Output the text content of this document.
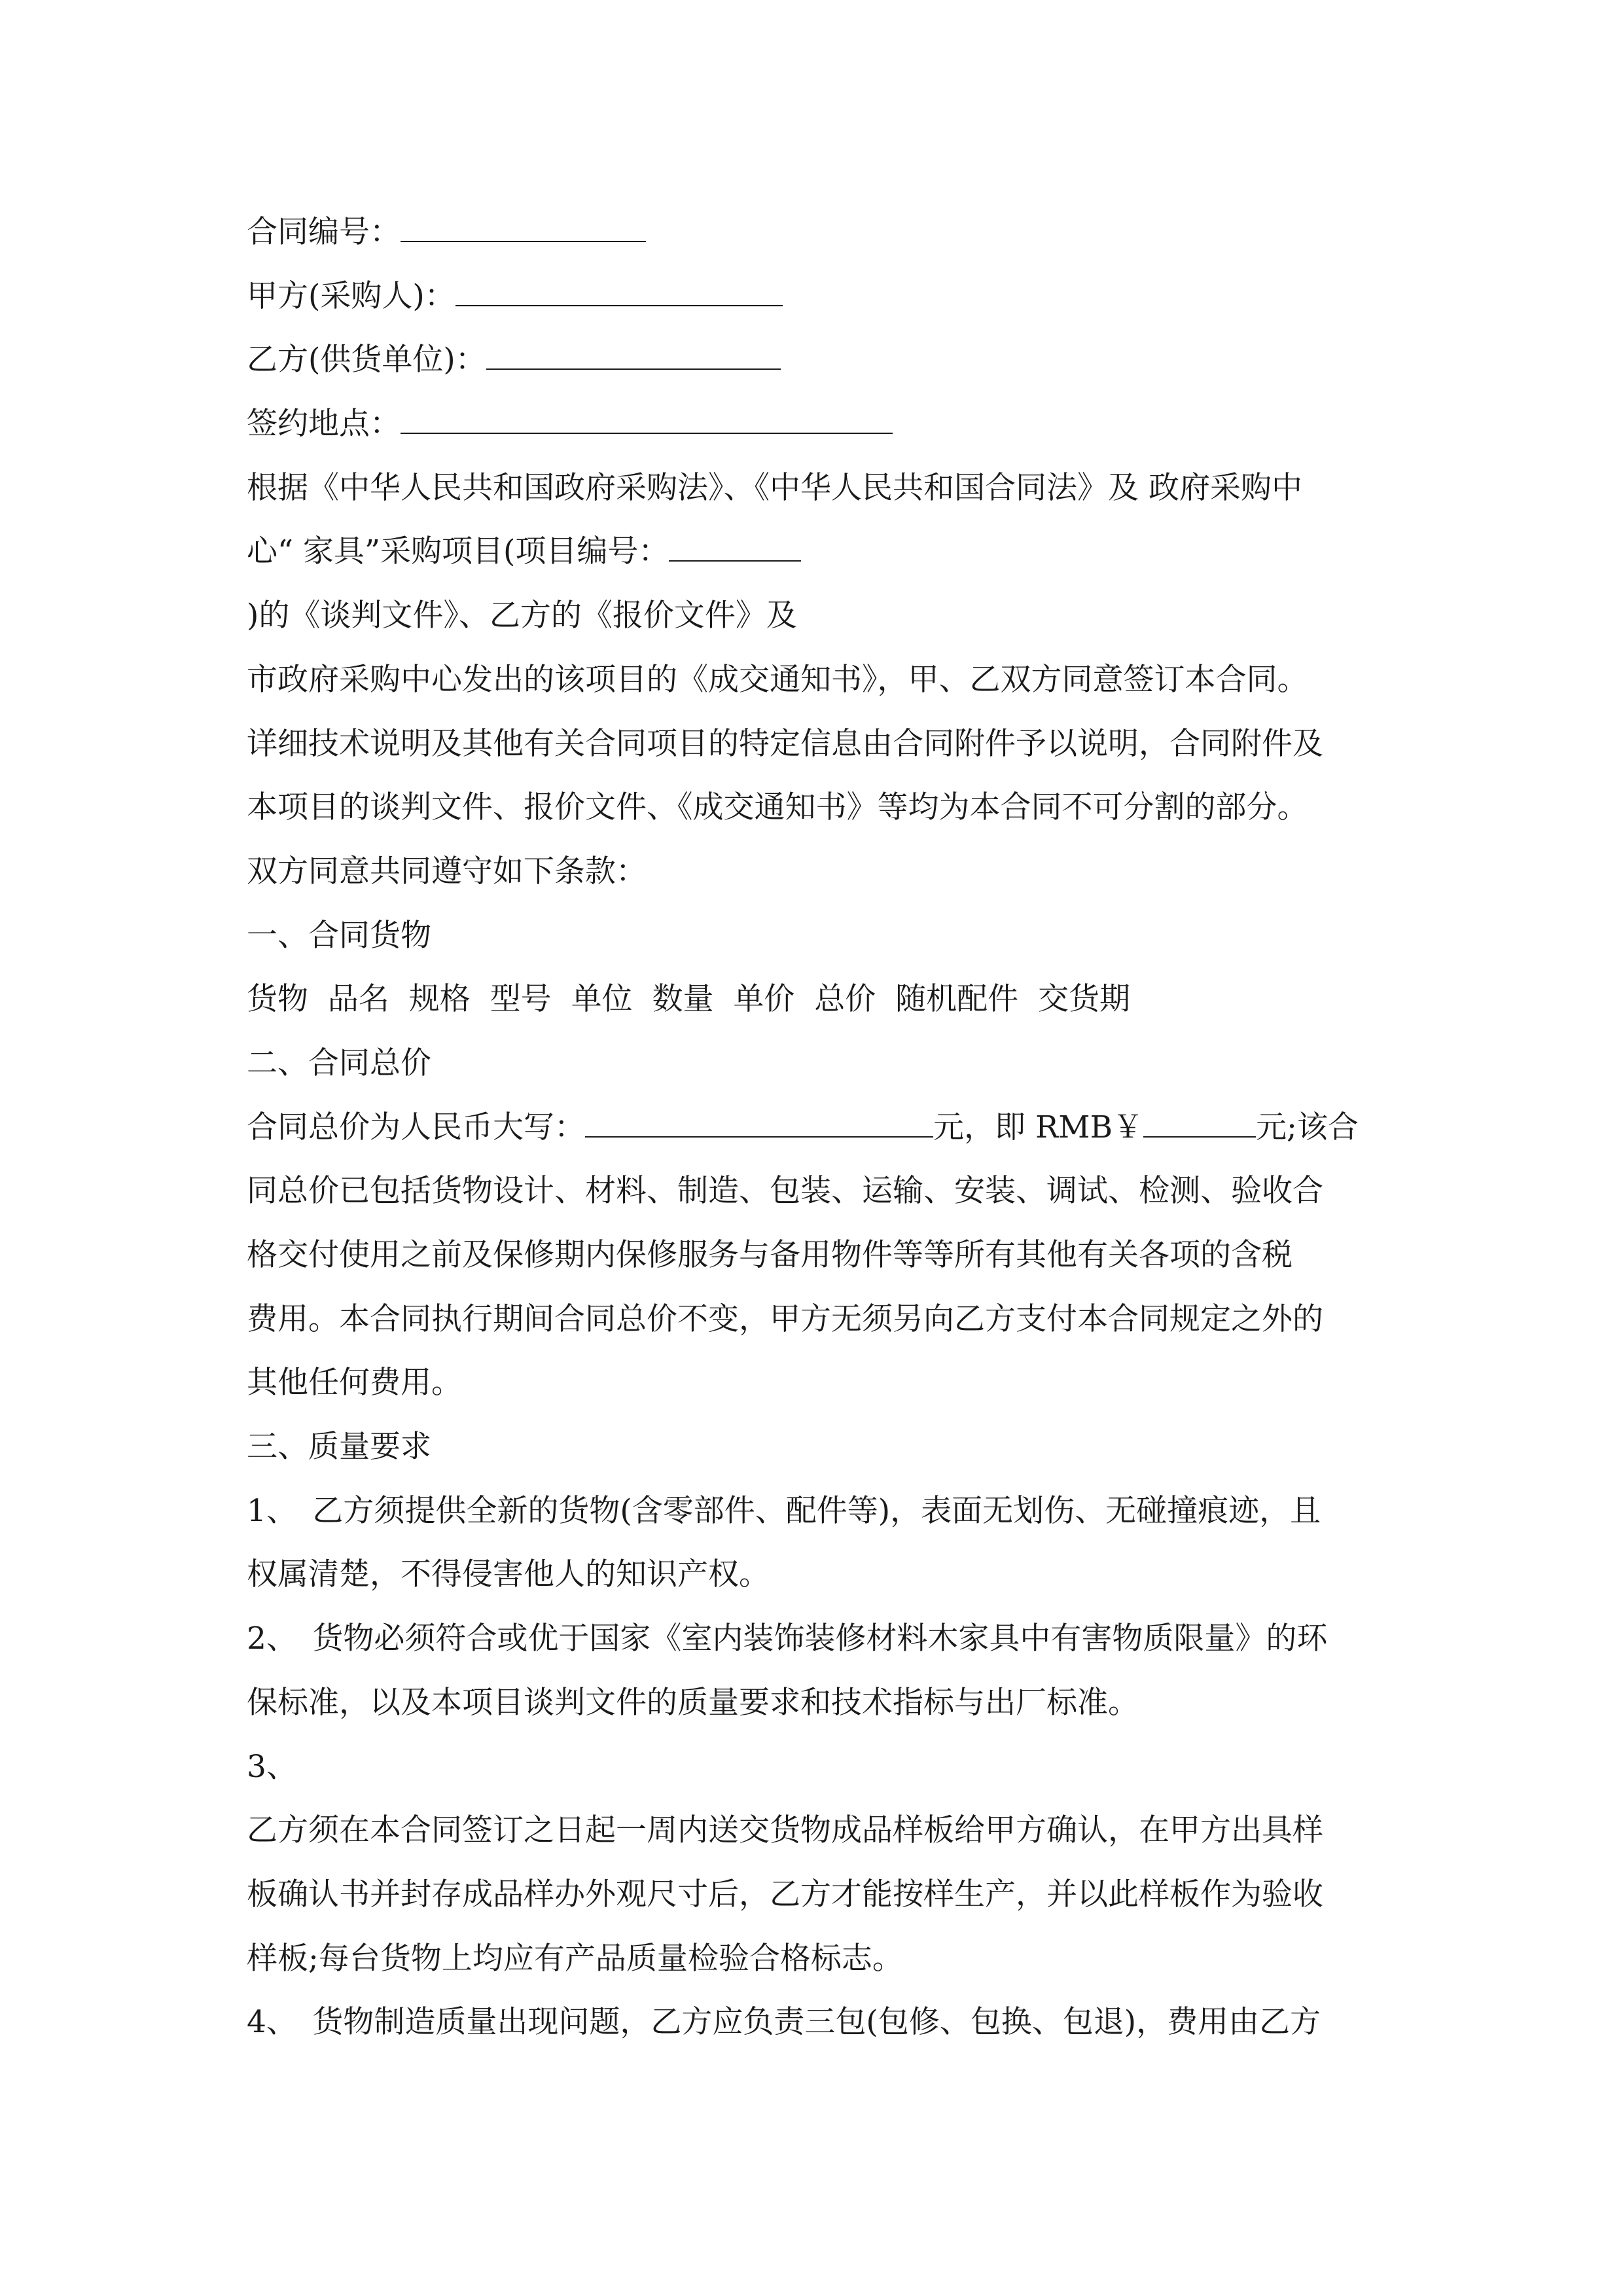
合同编号：
甲方(采购人)：
乙方(供货单位)：
签约地点：
根据《中华人民共和国政府采购法》、《中华人民共和国合同法》及 政府采购中
心“ 家具”采购项目(项目编号：
)的《谈判文件》、乙方的《报价文件》及
市政府采购中心发出的该项目的《成交通知书》，甲、乙双方同意签订本合同。
详细技术说明及其他有关合同项目的特定信息由合同附件予以说明，合同附件及
本项目的谈判文件、报价文件、《成交通知书》等均为本合同不可分割的部分。
双方同意共同遵守如下条款：
一、合同货物
货物 品名 规格 型号 单位 数量 单价 总价 随机配件 交货期
二、合同总价
合同总价为人民币大写：	元，即 RMB￥	元;该合
同总价已包括货物设计、材料、制造、包装、运输、安装、调试、检测、验收合
格交付使用之前及保修期内保修服务与备用物件等等所有其他有关各项的含税
费用。本合同执行期间合同总价不变，甲方无须另向乙方支付本合同规定之外的
其他任何费用。
三、质量要求
1、　乙方须提供全新的货物(含零部件、配件等)，表面无划伤、无碰撞痕迹，且
权属清楚，不得侵害他人的知识产权。
2、　货物必须符合或优于国家《室内装饰装修材料木家具中有害物质限量》的环
保标准，以及本项目谈判文件的质量要求和技术指标与出厂标准。
3、
乙方须在本合同签订之日起一周内送交货物成品样板给甲方确认，在甲方出具样
板确认书并封存成品样办外观尺寸后，乙方才能按样生产，并以此样板作为验收
样板;每台货物上均应有产品质量检验合格标志。
4、　货物制造质量出现问题，乙方应负责三包(包修、包换、包退)，费用由乙方
